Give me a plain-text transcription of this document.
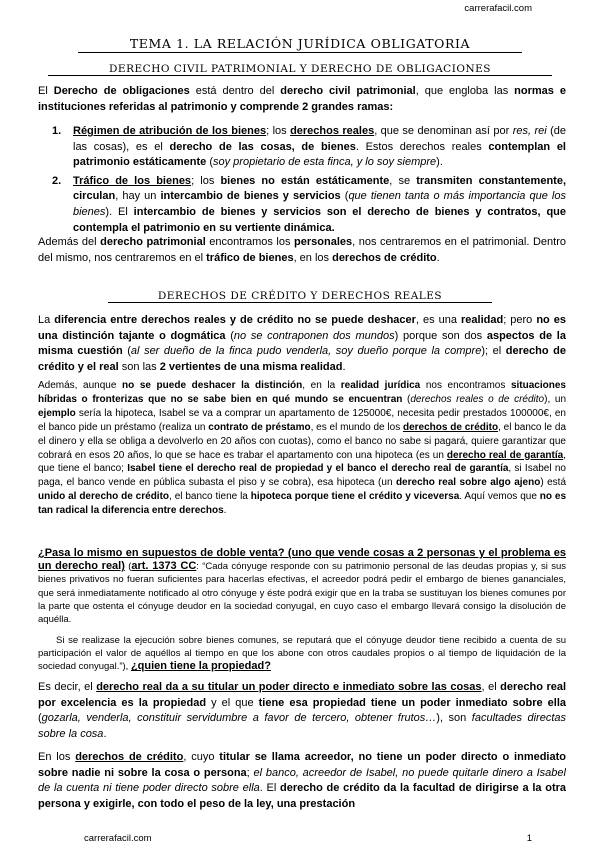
carrerafacil.com
TEMA 1. LA RELACIÓN JURÍDICA OBLIGATORIA
DERECHO CIVIL PATRIMONIAL Y DERECHO DE OBLIGACIONES

El Derecho de obligaciones está dentro del derecho civil patrimonial, que engloba las normas e instituciones referidas al patrimonio y comprende 2 grandes ramas:

1. Régimen de atribución de los bienes; los derechos reales, que se denominan así por res, rei (de las cosas), es el derecho de las cosas, de bienes. Estos derechos reales contemplan el patrimonio estáticamente (soy propietario de esta finca, y lo soy siempre).
2. Tráfico de los bienes; los bienes no están estáticamente, se transmiten constantemente, circulan, hay un intercambio de bienes y servicios (que tienen tanta o más importancia que los bienes). El intercambio de bienes y servicios son el derecho de bienes y contratos, que contempla el patrimonio en su vertiente dinámica.

Además del derecho patrimonial encontramos los personales, nos centraremos en el patrimonial. Dentro del mismo, nos centraremos en el tráfico de bienes, en los derechos de crédito.

DERECHOS DE CRÉDITO Y DERECHOS REALES

La diferencia entre derechos reales y de crédito no se puede deshacer, es una realidad; pero no es una distinción tajante o dogmática (no se contraponen dos mundos) porque son dos aspectos de la misma cuestión (al ser dueño de la finca pudo venderla, soy dueño porque la compre); el derecho de crédito y el real son las 2 vertientes de una misma realidad.

Además, aunque no se puede deshacer la distinción, en la realidad jurídica nos encontramos situaciones híbridas o fronterizas que no se sabe bien en qué mundo se encuentran (derechos reales o de crédito), un ejemplo sería la hipoteca, Isabel se va a comprar un apartamento de 125000€, necesita pedir prestados 100000€, en el banco pide un préstamo (realiza un contrato de préstamo, es el mundo de los derechos de crédito, el banco le da el dinero y ella se obliga a devolverlo en 20 años con cuotas), como el banco no sabe si pagará, quiere garantizar que cobrará en esos 20 años, lo que se hace es trabar el apartamento con una hipoteca (es un derecho real de garantía, que tiene el banco; Isabel tiene el derecho real de propiedad y el banco el derecho real de garantía, si Isabel no paga, el banco vende en pública subasta el piso y se cobra), esa hipoteca (un derecho real sobre algo ajeno) está unido al derecho de crédito, el banco tiene la hipoteca porque tiene el crédito y viceversa. Aquí vemos que no es tan radical la diferencia entre derechos.

¿Pasa lo mismo en supuestos de doble venta? (uno que vende cosas a 2 personas y el problema es un derecho real) (art. 1373 CC: “Cada cónyuge responde con su patrimonio personal de las deudas propias y, si sus bienes privativos no fueran suficientes para hacerlas efectivas, el acreedor podrá pedir el embargo de bienes gananciales, que será inmediatamente notificado al otro cónyuge y éste podrá exigir que en la traba se sustituyan los bienes comunes por la parte que ostenta el cónyuge deudor en la sociedad conyugal, en cuyo caso el embargo llevará consigo la disolución de aquélla.

Si se realizase la ejecución sobre bienes comunes, se reputará que el cónyuge deudor tiene recibido a cuenta de su participación el valor de aquéllos al tiempo en que los abone con otros caudales propios o al tiempo de liquidación de la sociedad conyugal.”), ¿quien tiene la propiedad?

Es decir, el derecho real da a su titular un poder directo e inmediato sobre las cosas, el derecho real por excelencia es la propiedad y el que tiene esa propiedad tiene un poder inmediato sobre ella (gozarla, venderla, constituir servidumbre a favor de tercero, obtener frutos…), son facultades directas sobre la cosa.

En los derechos de crédito, cuyo titular se llama acreedor, no tiene un poder directo o inmediato sobre nadie ni sobre la cosa o persona; el banco, acreedor de Isabel, no puede quitarle dinero a Isabel de la cuenta ni tiene poder directo sobre ella. El derecho de crédito da la facultad de dirigirse a la otra persona y exigirle, con todo el peso de la ley, una prestación

carrerafacil.com	1
